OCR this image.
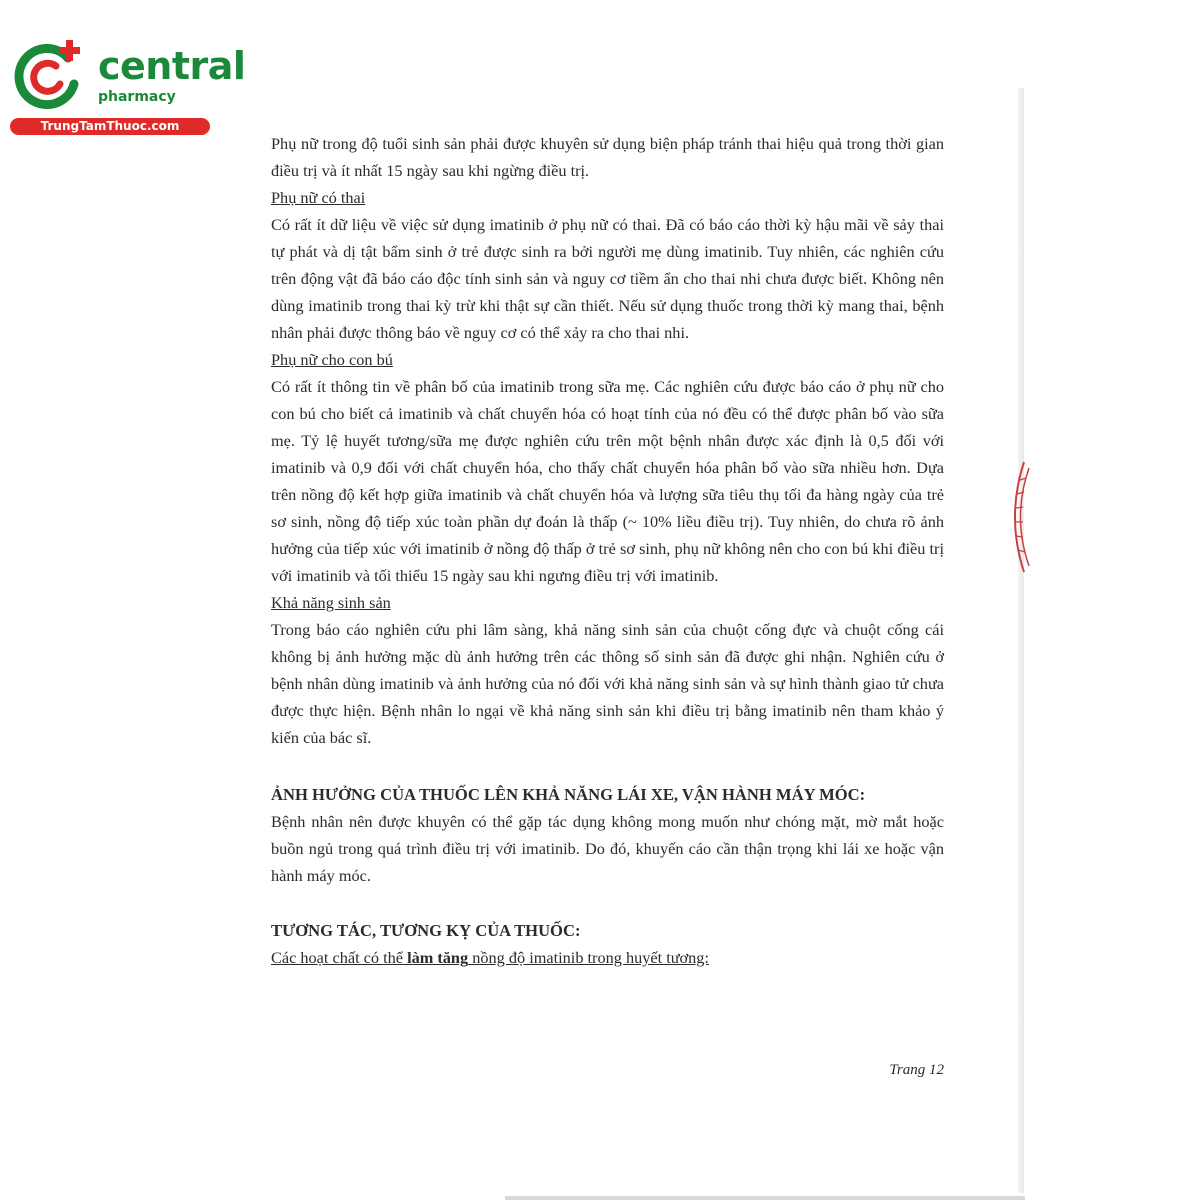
central
pharmacy
TrungTamThuoc.com

Phụ nữ trong độ tuổi sinh sản phải được khuyên sử dụng biện pháp tránh thai hiệu quả trong thời gian điều trị và ít nhất 15 ngày sau khi ngừng điều trị.

Phụ nữ có thai

Có rất ít dữ liệu về việc sử dụng imatinib ở phụ nữ có thai. Đã có báo cáo thời kỳ hậu mãi về sảy thai tự phát và dị tật bẩm sinh ở trẻ được sinh ra bởi người mẹ dùng imatinib. Tuy nhiên, các nghiên cứu trên động vật đã báo cáo độc tính sinh sản và nguy cơ tiềm ẩn cho thai nhi chưa được biết. Không nên dùng imatinib trong thai kỳ trừ khi thật sự cần thiết. Nếu sử dụng thuốc trong thời kỳ mang thai, bệnh nhân phải được thông báo về nguy cơ có thể xảy ra cho thai nhi.

Phụ nữ cho con bú

Có rất ít thông tin về phân bố của imatinib trong sữa mẹ. Các nghiên cứu được báo cáo ở phụ nữ cho con bú cho biết cả imatinib và chất chuyển hóa có hoạt tính của nó đều có thể được phân bố vào sữa mẹ. Tỷ lệ huyết tương/sữa mẹ được nghiên cứu trên một bệnh nhân được xác định là 0,5 đối với imatinib và 0,9 đối với chất chuyển hóa, cho thấy chất chuyển hóa phân bố vào sữa nhiều hơn. Dựa trên nồng độ kết hợp giữa imatinib và chất chuyển hóa và lượng sữa tiêu thụ tối đa hàng ngày của trẻ sơ sinh, nồng độ tiếp xúc toàn phần dự đoán là thấp (~ 10% liều điều trị). Tuy nhiên, do chưa rõ ảnh hưởng của tiếp xúc với imatinib ở nồng độ thấp ở trẻ sơ sinh, phụ nữ không nên cho con bú khi điều trị với imatinib và tối thiểu 15 ngày sau khi ngưng điều trị với imatinib.

Khả năng sinh sản

Trong báo cáo nghiên cứu phi lâm sàng, khả năng sinh sản của chuột cống đực và chuột cống cái không bị ảnh hưởng mặc dù ảnh hưởng trên các thông số sinh sản đã được ghi nhận. Nghiên cứu ở bệnh nhân dùng imatinib và ảnh hưởng của nó đối với khả năng sinh sản và sự hình thành giao tử chưa được thực hiện. Bệnh nhân lo ngại về khả năng sinh sản khi điều trị bằng imatinib nên tham khảo ý kiến của bác sĩ.

ẢNH HƯỞNG CỦA THUỐC LÊN KHẢ NĂNG LÁI XE, VẬN HÀNH MÁY MÓC:

Bệnh nhân nên được khuyên có thể gặp tác dụng không mong muốn như chóng mặt, mờ mắt hoặc buồn ngủ trong quá trình điều trị với imatinib. Do đó, khuyến cáo cần thận trọng khi lái xe hoặc vận hành máy móc.

TƯƠNG TÁC, TƯƠNG KỴ CỦA THUỐC:

Các hoạt chất có thể làm tăng nồng độ imatinib trong huyết tương:

Trang 12
